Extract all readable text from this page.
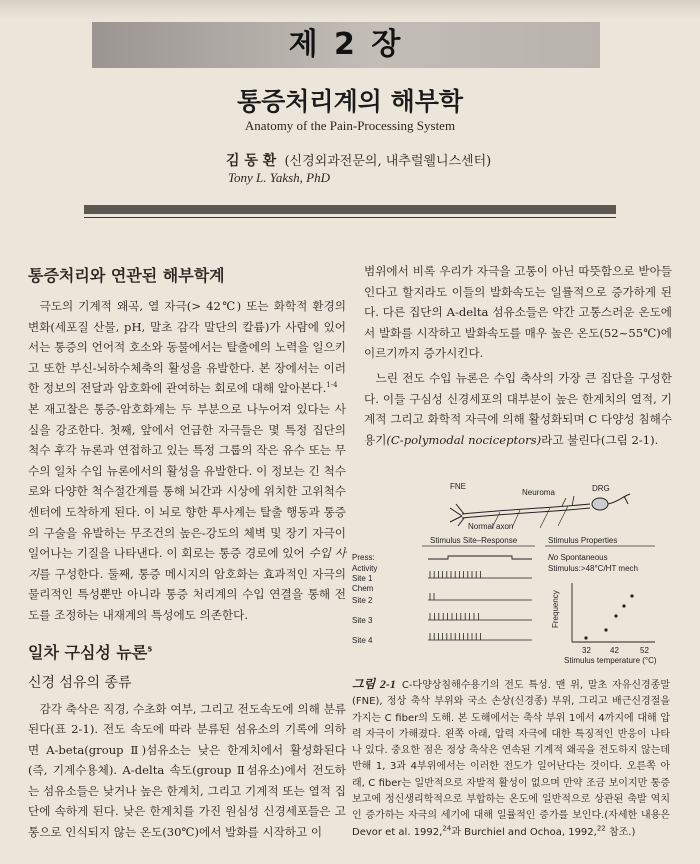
제 2 장
통증처리계의 해부학
Anatomy of the Pain-Processing System
김 동 환 (신경외과전문의, 내추럴웰니스센터)
Tony L. Yaksh, PhD
통증처리와 연관된 해부학계

극도의 기계적 왜곡, 열 자극(> 42℃) 또는 화학적 환경의 변화(세포질 산물, pH, 말초 감각 말단의 칼륨)가 사람에 있어서는 통증의 언어적 호소와 동물에서는 탈출에의 노력을 일으키고 또한 부신-뇌하수체축의 활성을 유발한다. 본 장에서는 이러한 정보의 전달과 암호화에 관여하는 회로에 대해 알아본다.$^{1-4}$

본 재고찰은 통증-암호화계는 두 부분으로 나누어져 있다는 사실을 강조한다. 첫째, 앞에서 언급한 자극들은 몇 특정 집단의 척수 후각 뉴론과 연접하고 있는 특정 그룹의 작은 유수 또는 무수의 일차 수입 뉴론에서의 활성을 유발한다. 이 정보는 긴 척수로와 다양한 척수절간계를 통해 뇌간과 시상에 위치한 고위척수센터에 도착하게 된다. 이 뇌로 향한 투사계는 탈출 행동과 통증의 구술을 유발하는 무조건의 높은-강도의 체벽 및 장기 자극이 일어나는 기질을 나타낸다. 이 회로는 통증 경로에 있어 수입 사지를 구성한다. 둘째, 통증 메시지의 암호화는 효과적인 자극의 물리적인 특성뿐만 아니라 통증 처리계의 수입 연결을 통해 전도를 조정하는 내재계의 특성에도 의존한다.

일차 구심성 뉴론$^5$
신경 섬유의 종류

감각 축삭은 직경, 수초화 여부, 그리고 전도속도에 의해 분류된다(표 2-1). 전도 속도에 따라 분류된 섬유소의 기록에 의하면 A-beta(group Ⅱ)섬유소는 낮은 한계치에서 활성화된다(즉, 기계수용체). A-delta 속도(group Ⅱ섬유소)에서 전도하는 섬유소들은 낮거나 높은 한계치, 그리고 기계적 또는 열적 집단에 속하게 된다. 낮은 한계치를 가진 원심성 신경세포들은 고통으로 인식되지 않는 온도(30℃)에서 발화를 시작하고 이

범위에서 비록 우리가 자극을 고통이 아닌 따뜻함으로 받아들인다고 할지라도 이들의 발화속도는 일률적으로 증가하게 된다. 다른 집단의 A-delta 섬유소들은 약간 고통스러운 온도에서 발화를 시작하고 발화속도를 매우 높은 온도(52~55℃)에 이르기까지 증가시킨다.

느린 전도 수입 뉴론은 수입 축삭의 가장 큰 집단을 구성한다. 이들 구심성 신경세포의 대부분이 높은 한계치의 열적, 기계적 그리고 화학적 자극에 의해 활성화되며 C 다양성 침해수용기(C-polymodal nociceptors)라고 불린다(그림 2-1).

FNE
Neuroma	DRG
Normal axon
Stimulus Site–Response	Stimulus Properties
Press:
Activity
Site 1
Chem
Site 2
Site 3
Site 4
No Spontaneous
Stimulus:>48°C/HT mech
Frequency
32 42	52
Stimulus temperature (°C)
그림 2-1 C-다양상침해수용기의 전도 특성. 맨 위, 말초 자유신경종말(FNE), 정상 축삭 부위와 국소 손상(신경종) 부위, 그리고 배근신경절을 가지는 C fiber의 도해. 본 도해에서는 축삭 부위 1에서 4까지에 대해 압력 자극이 가해졌다. 왼쪽 아래, 압력 자극에 대한 특징적인 반응이 나타나 있다. 중요한 점은 정상 축삭은 연속된 기계적 왜곡을 전도하지 않는데 반해 1, 3과 4부위에서는 이러한 전도가 일어난다는 것이다. 오른쪽 아래, C fiber는 일반적으로 자발적 활성이 없으며 만약 조금 보이지만 통증 보고에 정신생리학적으로 부합하는 온도에 일반적으로 상관된 축발 역치인 증가하는 자극의 세기에 대해 일률적인 증가를 보인다.(자세한 내용은 Devor et al. 1992,24과 Burchiel and Ochoa, 1992,22 참조.)
